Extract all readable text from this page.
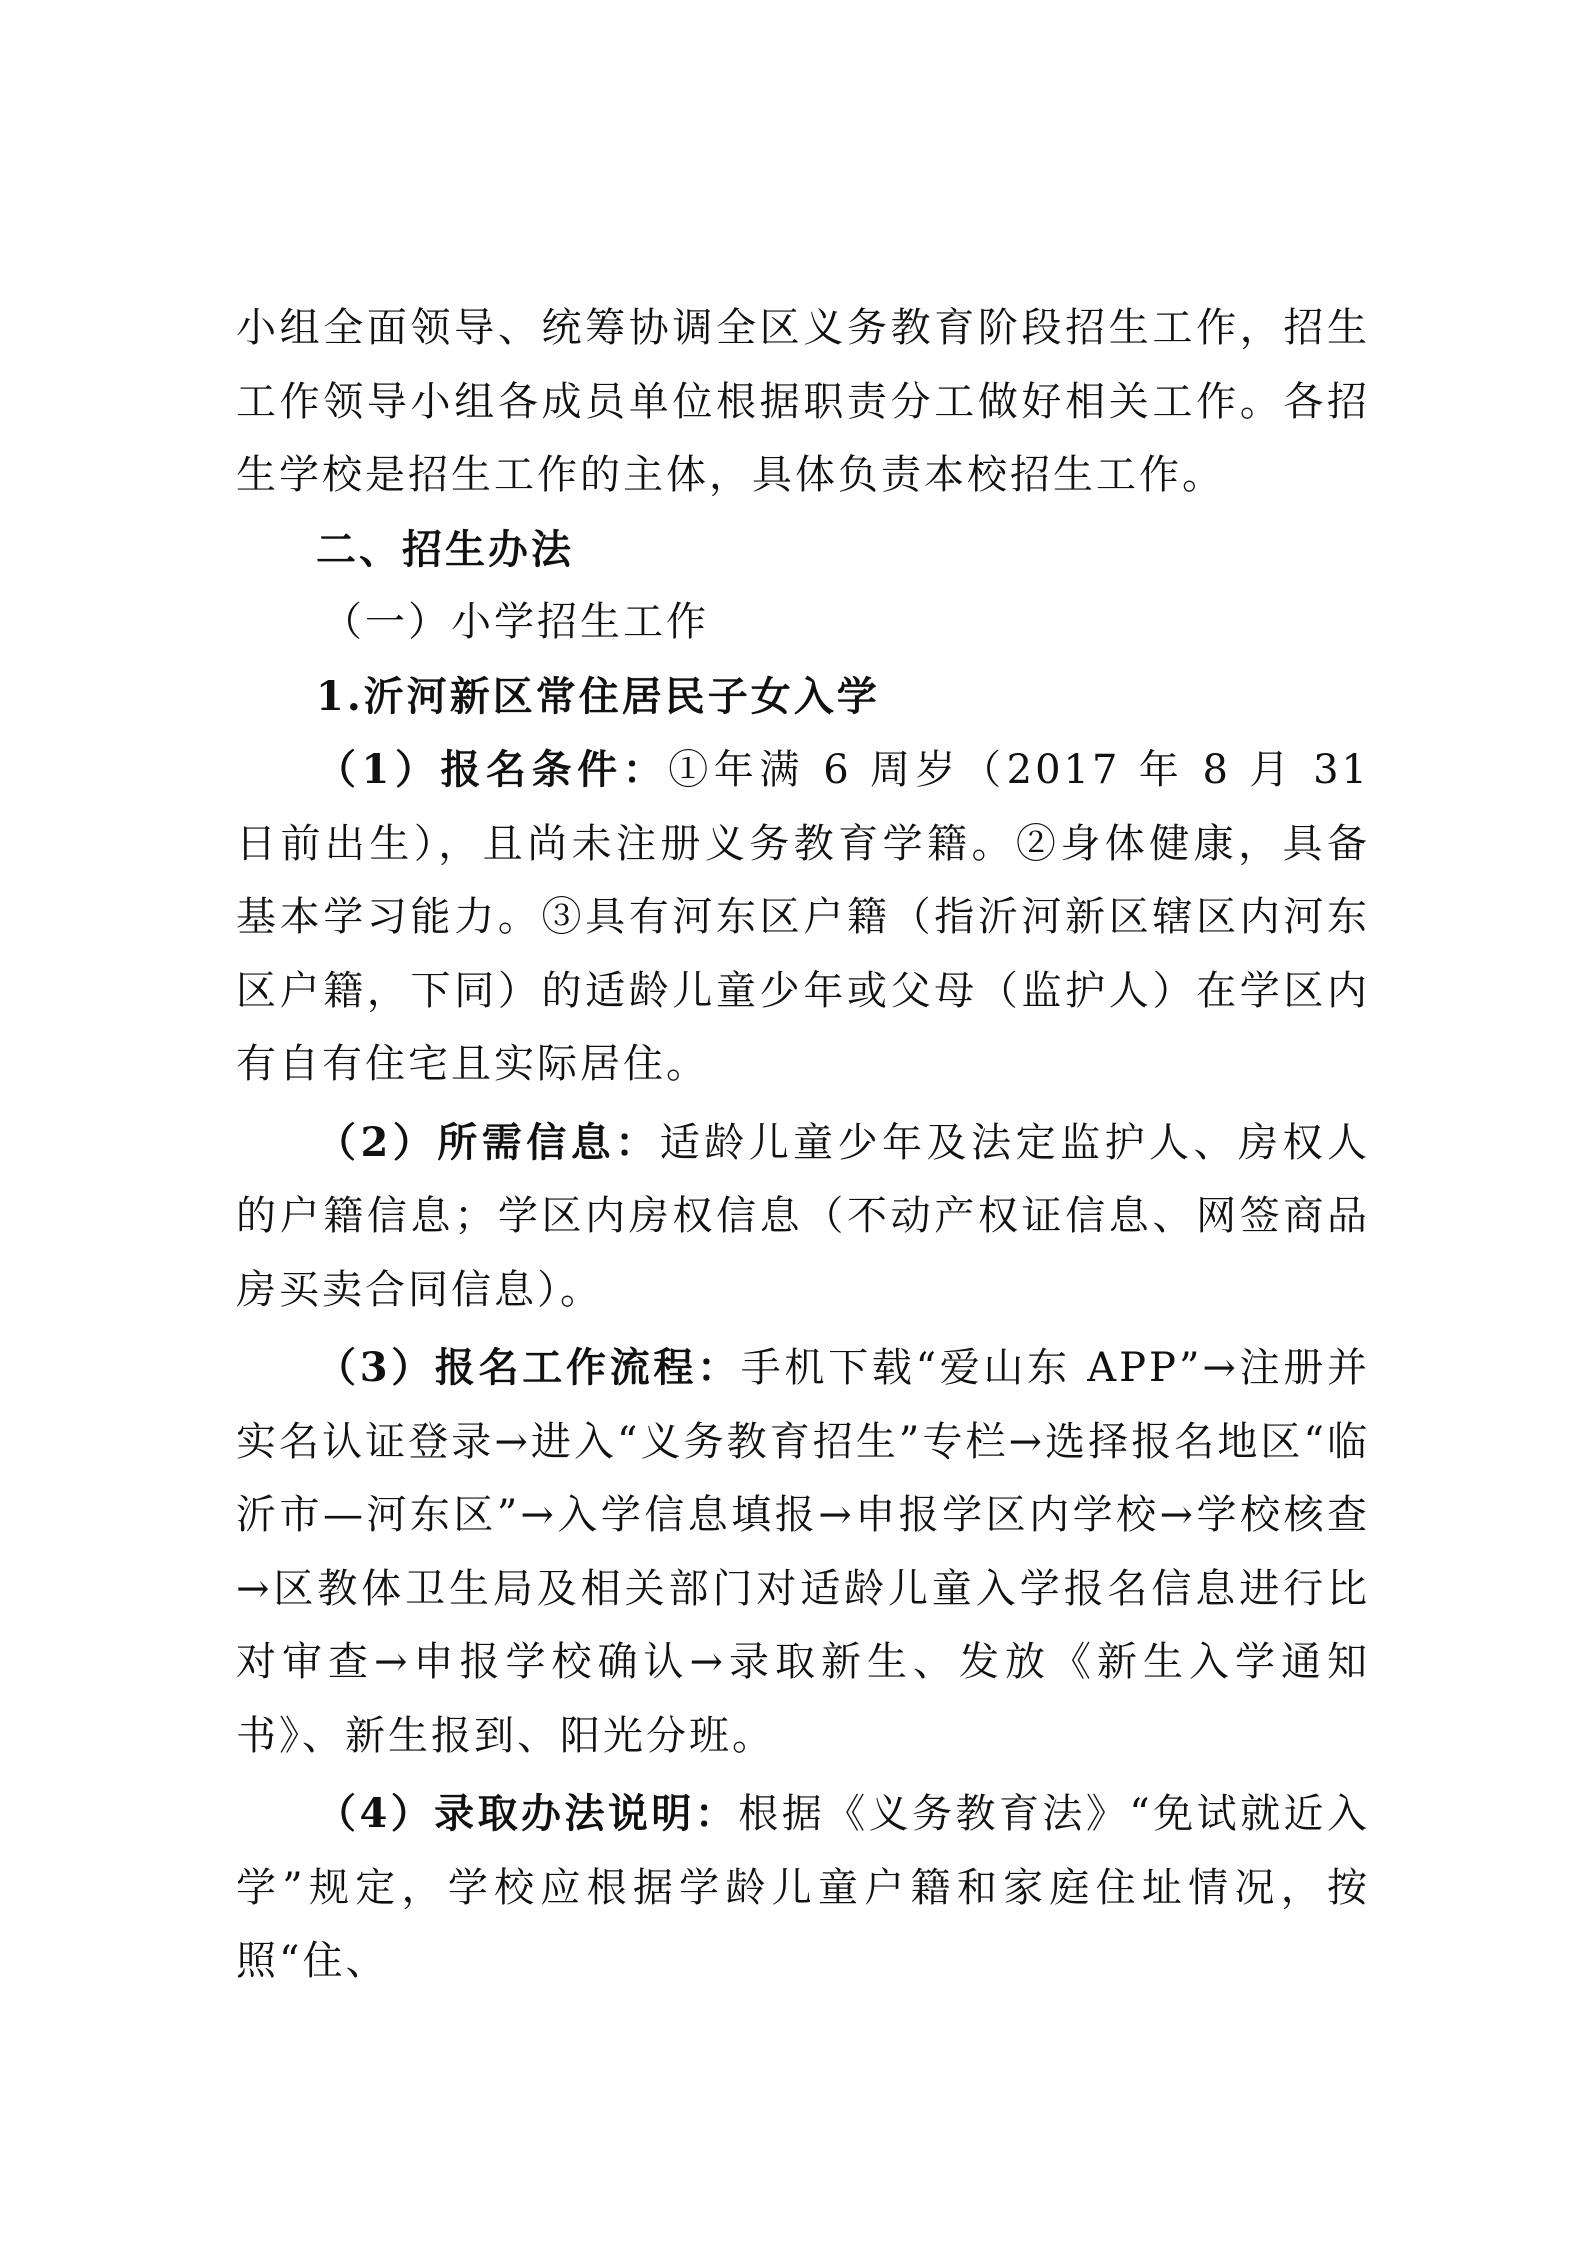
小组全面领导、统筹协调全区义务教育阶段招生工作，招生工作领导小组各成员单位根据职责分工做好相关工作。各招生学校是招生工作的主体，具体负责本校招生工作。

二、招生办法

（一）小学招生工作

1.沂河新区常住居民子女入学

（1）报名条件：①年满 6 周岁（2017 年 8 月 31 日前出生），且尚未注册义务教育学籍。②身体健康，具备基本学习能力。③具有河东区户籍（指沂河新区辖区内河东区户籍，下同）的适龄儿童少年或父母（监护人）在学区内有自有住宅且实际居住。

（2）所需信息：适龄儿童少年及法定监护人、房权人的户籍信息；学区内房权信息（不动产权证信息、网签商品房买卖合同信息）。

（3）报名工作流程：手机下载“爱山东 APP”→注册并实名认证登录→进入“义务教育招生”专栏→选择报名地区“临沂市—河东区”→入学信息填报→申报学区内学校→学校核查→区教体卫生局及相关部门对适龄儿童入学报名信息进行比对审查→申报学校确认→录取新生、发放《新生入学通知书》、新生报到、阳光分班。

（4）录取办法说明：根据《义务教育法》“免试就近入学”规定，学校应根据学龄儿童户籍和家庭住址情况，按照“住、
